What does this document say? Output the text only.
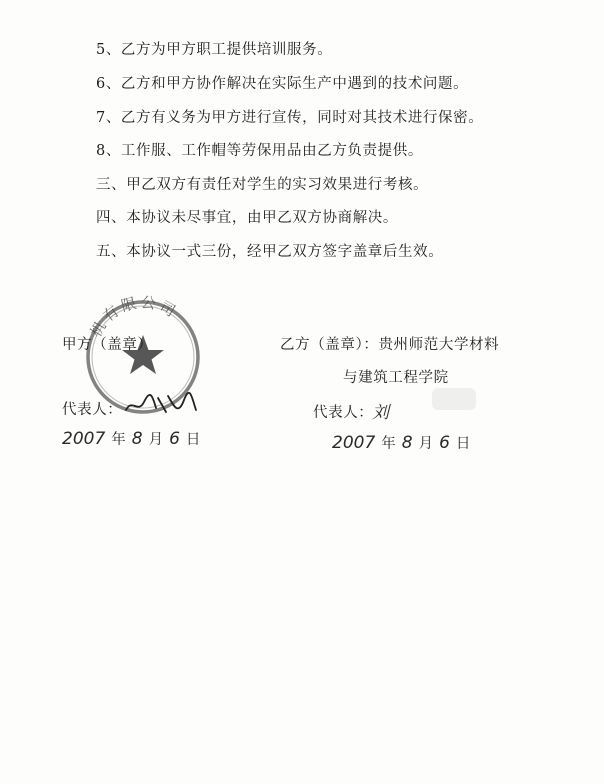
5、乙方为甲方职工提供培训服务。
6、乙方和甲方协作解决在实际生产中遇到的技术问题。
7、乙方有义务为甲方进行宣传，同时对其技术进行保密。
8、工作服、工作帽等劳保用品由乙方负责提供。
三、甲乙双方有责任对学生的实习效果进行考核。
四、本协议未尽事宜，由甲乙双方协商解决。
五、本协议一式三份，经甲乙双方签字盖章后生效。
机有限公司
甲方（盖章）
代表人：
2007 年 8 月 6 日
乙方（盖章）：贵州师范大学材料
与建筑工程学院
代表人：
刘
2007 年 8 月 6 日
